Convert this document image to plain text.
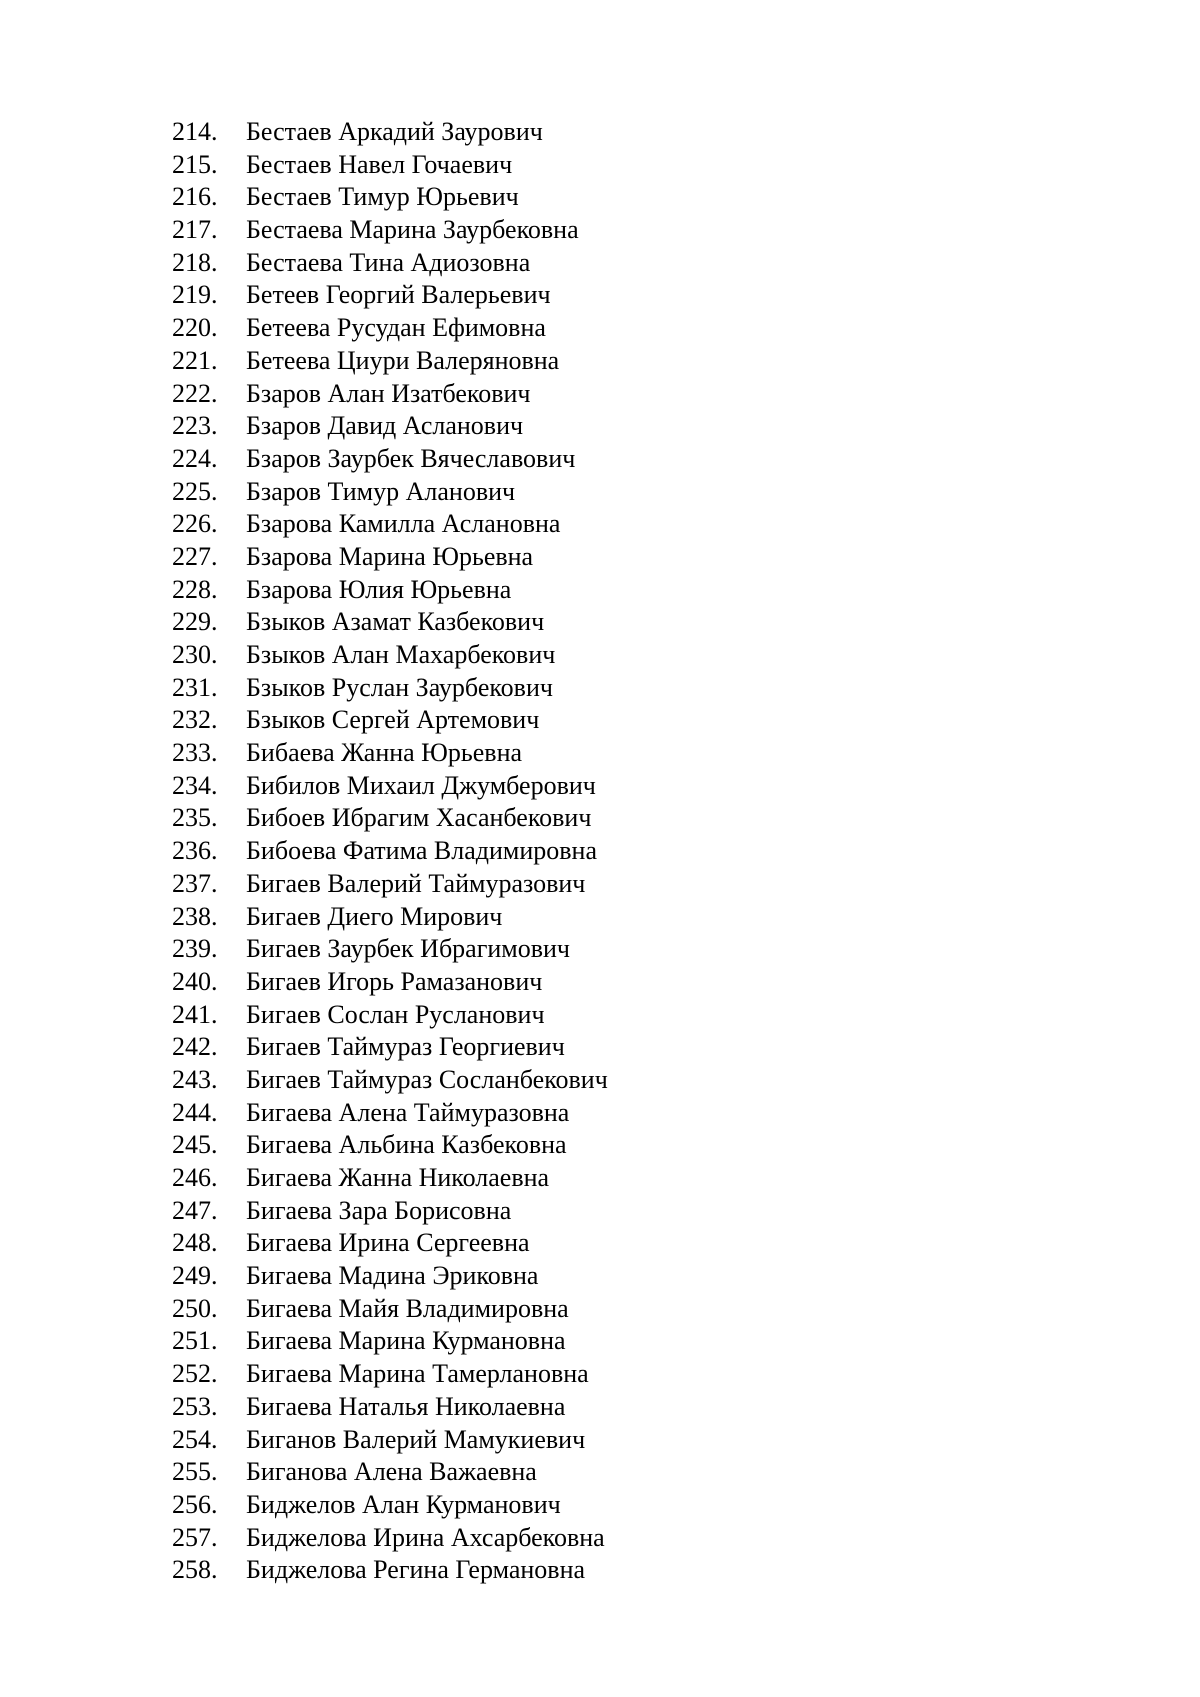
214.	Бестаев Аркадий Заурович
215.	Бестаев Навел Гочаевич
216.	Бестаев Тимур Юрьевич
217.	Бестаева Марина Заурбековна
218.	Бестаева Тина Адиозовна
219.	Бетеев Георгий Валерьевич
220.	Бетеева Русудан Ефимовна
221.	Бетеева Циури Валеряновна
222.	Бзаров Алан Изатбекович
223.	Бзаров Давид Асланович
224.	Бзаров Заурбек Вячеславович
225.	Бзаров Тимур Аланович
226.	Бзарова Камилла Аслановна
227.	Бзарова Марина Юрьевна
228.	Бзарова Юлия Юрьевна
229.	Бзыков Азамат Казбекович
230.	Бзыков Алан Махарбекович
231.	Бзыков Руслан Заурбекович
232.	Бзыков Сергей Артемович
233.	Бибаева Жанна Юрьевна
234.	Бибилов Михаил Джумберович
235.	Бибоев Ибрагим Хасанбекович
236.	Бибоева Фатима Владимировна
237.	Бигаев Валерий Таймуразович
238.	Бигаев Диего Мирович
239.	Бигаев Заурбек Ибрагимович
240.	Бигаев Игорь Рамазанович
241.	Бигаев Сослан Русланович
242.	Бигаев Таймураз Георгиевич
243.	Бигаев Таймураз Сосланбекович
244.	Бигаева Алена Таймуразовна
245.	Бигаева Альбина Казбековна
246.	Бигаева Жанна Николаевна
247.	Бигаева Зара Борисовна
248.	Бигаева Ирина Сергеевна
249.	Бигаева Мадина Эриковна
250.	Бигаева Майя Владимировна
251.	Бигаева Марина Курмановна
252.	Бигаева Марина Тамерлановна
253.	Бигаева Наталья Николаевна
254.	Биганов Валерий Мамукиевич
255.	Биганова Алена Важаевна
256.	Биджелов Алан Курманович
257.	Биджелова Ирина Ахсарбековна
258.	Биджелова Регина Германовна
